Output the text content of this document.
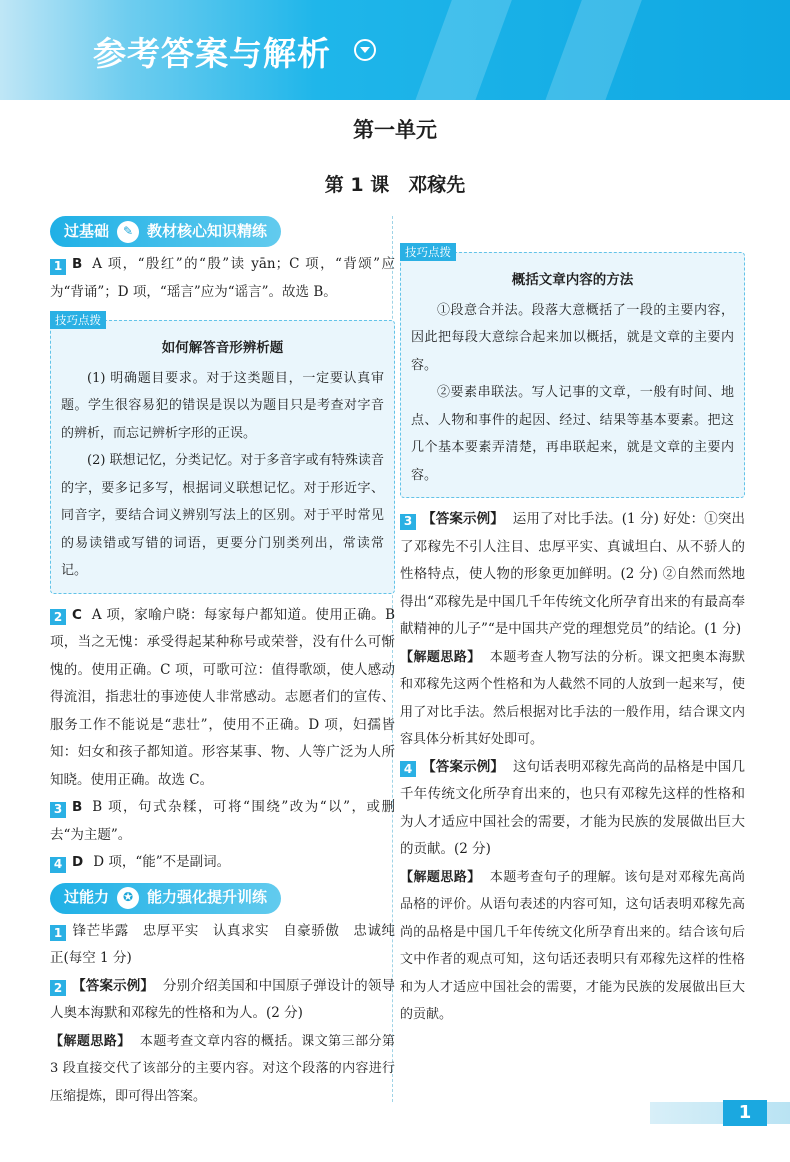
参考答案与解析
第一单元
第 1 课　邓稼先
过基础	✎ 教材核心知识精练

1 B A 项，“殷红”的“殷”读 yān；C 项，“背颂”应为“背诵”；D 项，“瑶言”应为“谣言”。故选 B。

技巧点拨
如何解答音形辨析题

(1) 明确题目要求。对于这类题目，一定要认真审题。学生很容易犯的错误是误以为题目只是考查对字音的辨析，而忘记辨析字形的正误。

(2) 联想记忆，分类记忆。对于多音字或有特殊读音的字，要多记多写，根据词义联想记忆。对于形近字、同音字，要结合词义辨别写法上的区别。对于平时常见的易读错或写错的词语，更要分门别类列出，常读常记。

2 C A 项，家喻户晓：每家每户都知道。使用正确。B 项，当之无愧：承受得起某种称号或荣誉，没有什么可惭愧的。使用正确。C 项，可歌可泣：值得歌颂，使人感动得流泪，指悲壮的事迹使人非常感动。志愿者们的宣传、服务工作不能说是“悲壮”，使用不正确。D 项，妇孺皆知：妇女和孩子都知道。形容某事、物、人等广泛为人所知晓。使用正确。故选 C。

3 B B 项，句式杂糅，可将“围绕”改为“以”，或删去“为主题”。

4 D D 项，“能”不是副词。

过能力	✪ 能力强化提升训练

1 锋芒毕露　忠厚平实　认真求实　自豪骄傲　忠诚纯正(每空 1 分)

2 【答案示例】 分别介绍美国和中国原子弹设计的领导人奥本海默和邓稼先的性格和为人。(2 分)

【解题思路】 本题考查文章内容的概括。课文第三部分第 3 段直接交代了该部分的主要内容。对这个段落的内容进行压缩提炼，即可得出答案。

技巧点拨
概括文章内容的方法

①段意合并法。段落大意概括了一段的主要内容，因此把每段大意综合起来加以概括，就是文章的主要内容。

②要素串联法。写人记事的文章，一般有时间、地点、人物和事件的起因、经过、结果等基本要素。把这几个基本要素弄清楚，再串联起来，就是文章的主要内容。

3 【答案示例】 运用了对比手法。(1 分) 好处：①突出了邓稼先不引人注目、忠厚平实、真诚坦白、从不骄人的性格特点，使人物的形象更加鲜明。(2 分) ②自然而然地得出“邓稼先是中国几千年传统文化所孕育出来的有最高奉献精神的儿子”“是中国共产党的理想党员”的结论。(1 分)

【解题思路】 本题考查人物写法的分析。课文把奥本海默和邓稼先这两个性格和为人截然不同的人放到一起来写，使用了对比手法。然后根据对比手法的一般作用，结合课文内容具体分析其好处即可。

4 【答案示例】 这句话表明邓稼先高尚的品格是中国几千年传统文化所孕育出来的，也只有邓稼先这样的性格和为人才适应中国社会的需要，才能为民族的发展做出巨大的贡献。(2 分)

【解题思路】 本题考查句子的理解。该句是对邓稼先高尚品格的评价。从语句表述的内容可知，这句话表明邓稼先高尚的品格是中国几千年传统文化所孕育出来的。结合该句后文中作者的观点可知，这句话还表明只有邓稼先这样的性格和为人才适应中国社会的需要，才能为民族的发展做出巨大的贡献。

1
